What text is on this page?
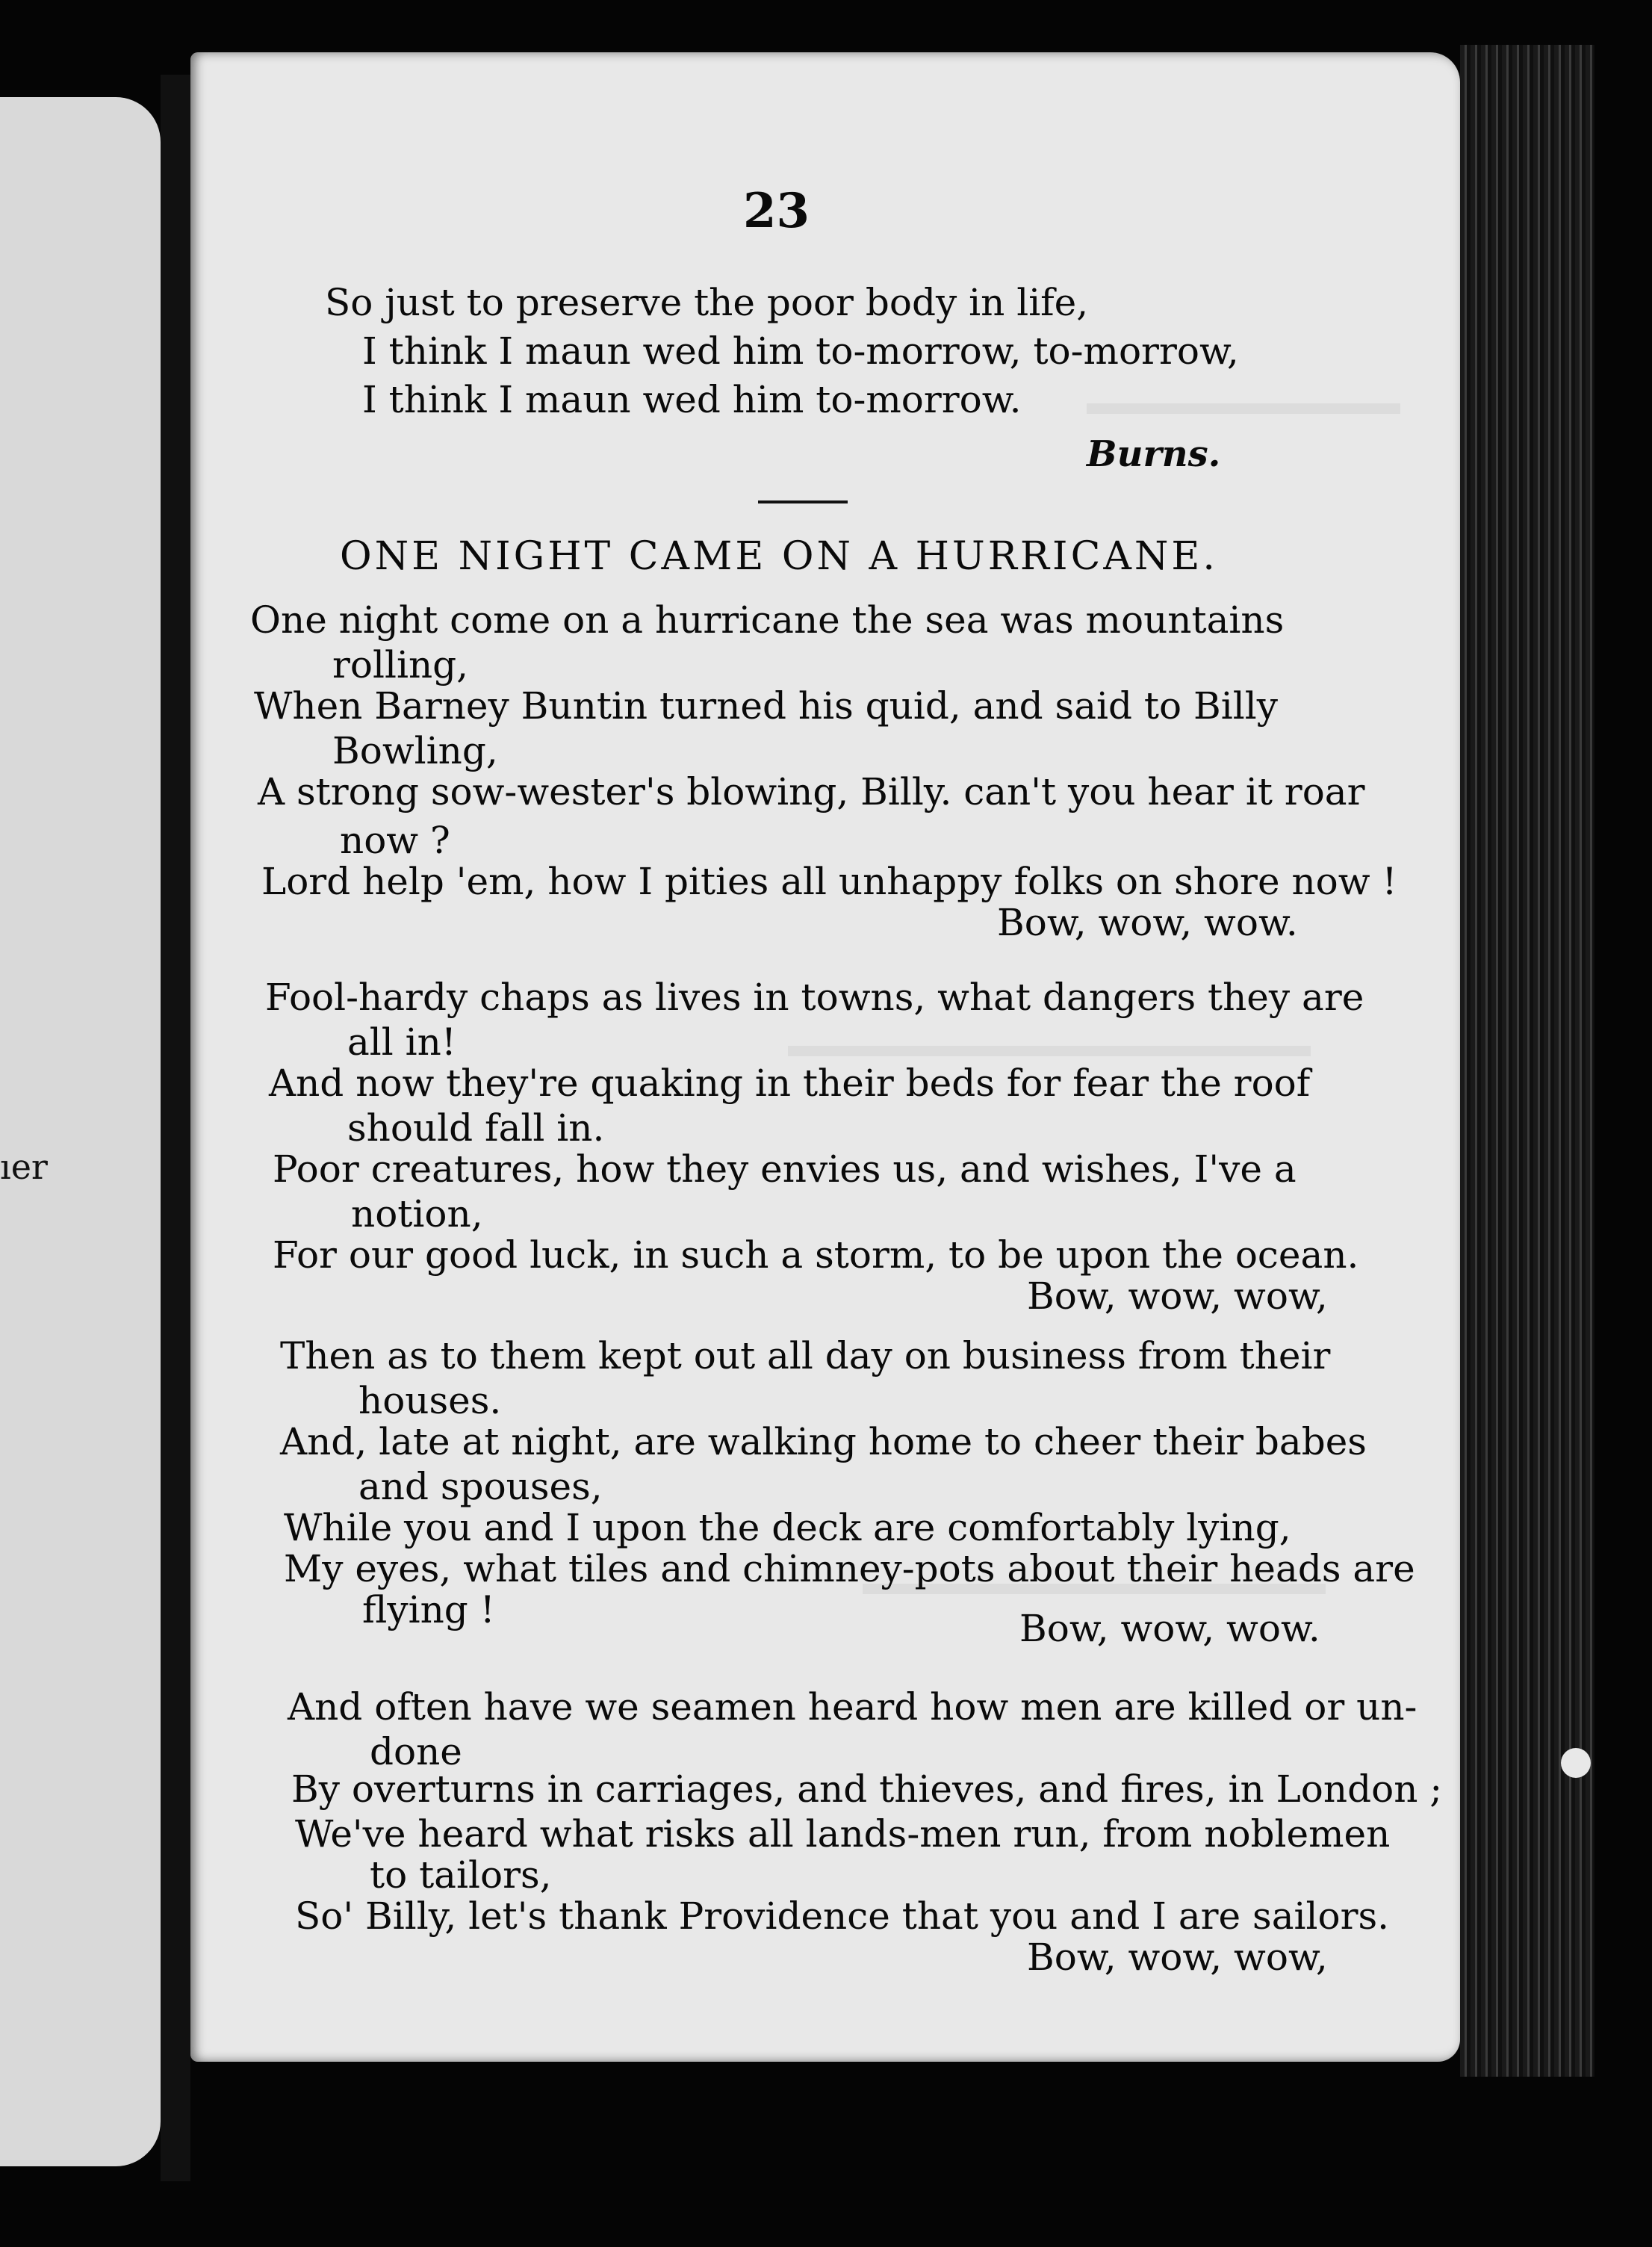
ıer
23
So just to preserve the poor body in life,
I think I maun wed him to-morrow, to-morrow,
I think I maun wed him to-morrow.
Burns.
ONE NIGHT CAME ON A HURRICANE.
One night come on a hurricane the sea was mountains
rolling,
When Barney Buntin turned his quid, and said to Billy
Bowling,
A strong sow-wester's blowing, Billy. can't you hear it roar
now ?
Lord help 'em, how I pities all unhappy folks on shore now !
Bow, wow, wow.
Fool-hardy chaps as lives in towns, what dangers they are
all in!
And now they're quaking in their beds for fear the roof
should fall in.
Poor creatures, how they envies us, and wishes, I've a
notion,
For our good luck, in such a storm, to be upon the ocean.
Bow, wow, wow,
Then as to them kept out all day on business from their
houses.
And, late at night, are walking home to cheer their babes
and spouses,
While you and I upon the deck are comfortably lying,
My eyes, what tiles and chimney-pots about their heads are
flying !	Bow, wow, wow.
And often have we seamen heard how men are killed or un-
done
By overturns in carriages, and thieves, and fires, in London ;
We've heard what risks all lands-men run, from noblemen
to tailors,
So' Billy, let's thank Providence that you and I are sailors.
Bow, wow, wow,
